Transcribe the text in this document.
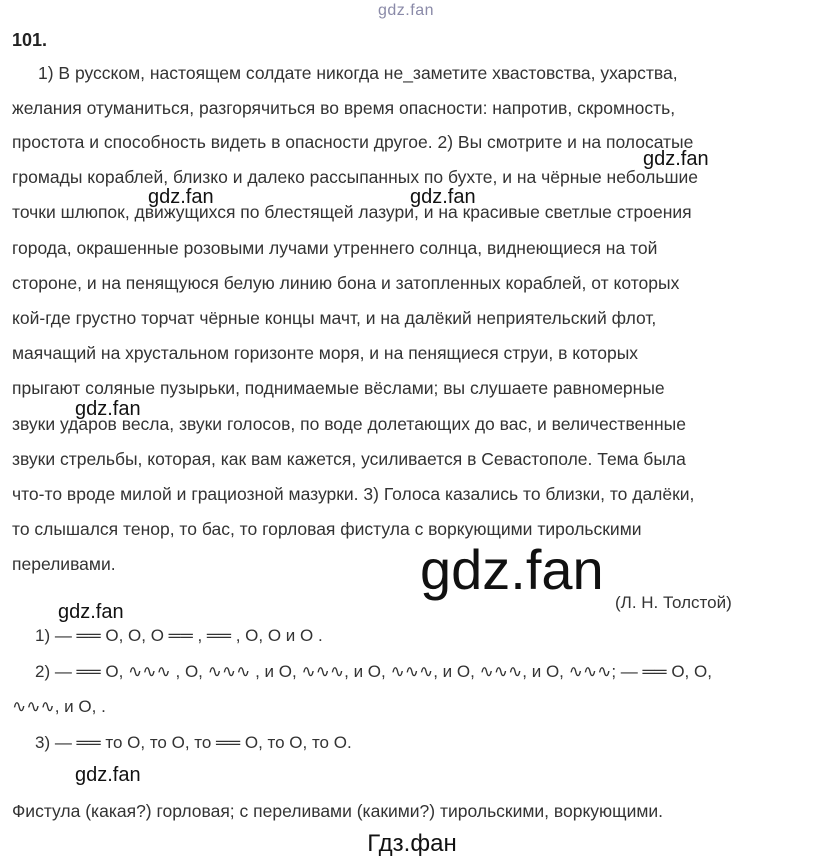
gdz.fan
101.
1) В русском, настоящем солдате никогда не_заметите хвастовства, ухарства,
желания отуманиться, разгорячиться во время опасности: напротив, скромность,
простота и способность видеть в опасности другое. 2) Вы смотрите и на полосатые
громады кораблей, близко и далеко рассыпанных по бухте, и на чёрные небольшие
точки шлюпок, движущихся по блестящей лазури, и на красивые светлые строения
города, окрашенные розовыми лучами утреннего солнца, виднеющиеся на той
стороне, и на пенящуюся белую линию бона и затопленных кораблей, от которых
кой-где грустно торчат чёрные концы мачт, и на далёкий неприятельский флот,
маячащий на хрустальном горизонте моря, и на пенящиеся струи, в которых
прыгают соляные пузырьки, поднимаемые вёслами; вы слушаете равномерные
звуки ударов весла, звуки голосов, по воде долетающих до вас, и величественные
звуки стрельбы, которая, как вам кажется, усиливается в Севастополе. Тема была
что-то вроде милой и грациозной мазурки. 3) Голоса казались то близки, то далёки,
то слышался тенор, то бас, то горловая фистула с воркующими тирольскими
переливами.
gdz.fan
gdz.fan	gdz.fan
gdz.fan
gdz.fan
gdz.fan	(Л. Н. Толстой)
1) — ══ О, О, О ══ , ══ , О, О и О .
2) — ══ О, ∿∿∿ , О, ∿∿∿ , и О, ∿∿∿, и О, ∿∿∿, и О, ∿∿∿, и О, ∿∿∿; — ══ О, О,
∿∿∿, и О, .
3) — ══ то О, то О, то ══ О, то О, то О.
gdz.fan
Фистула (какая?) горловая; с переливами (какими?) тирольскими, воркующими.
Гдз.фан
